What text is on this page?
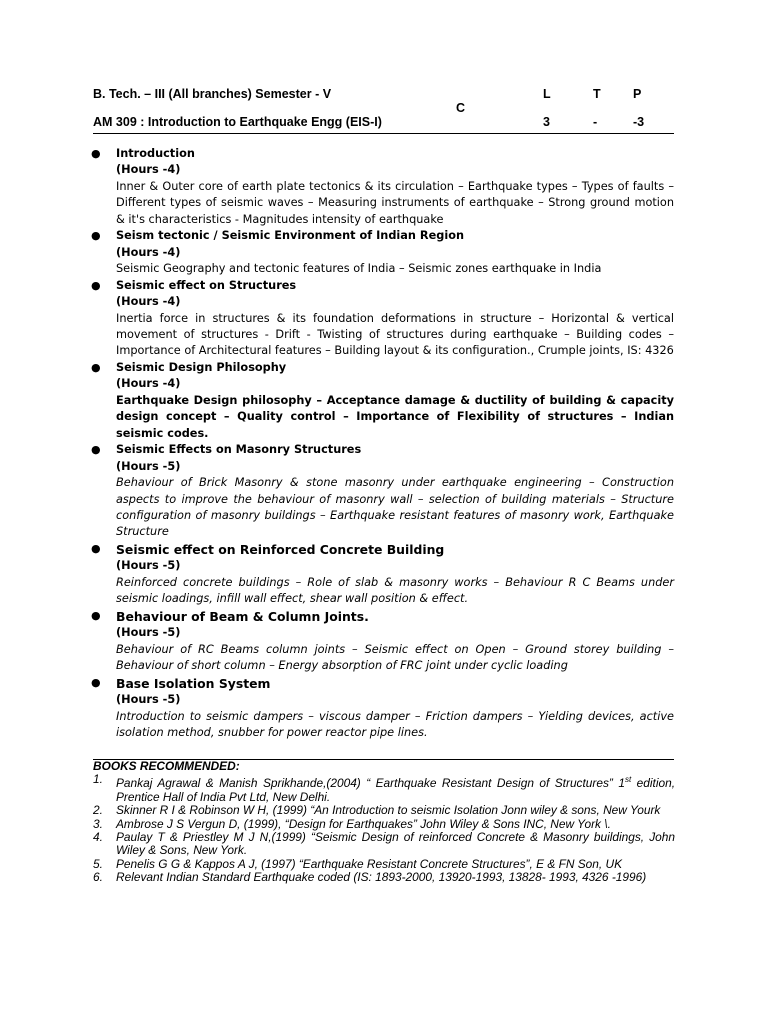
B. Tech. – III (All branches) Semester - V	L	T	P
C
AM 309 : Introduction to Earthquake Engg (EIS-I)	3	-	-3
● Introduction
(Hours -4)
Inner & Outer core of earth plate tectonics & its circulation – Earthquake types – Types of faults – Different types of seismic waves – Measuring instruments of earthquake – Strong ground motion & it's characteristics - Magnitudes intensity of earthquake
● Seism tectonic / Seismic Environment of Indian Region
(Hours -4)
Seismic Geography and tectonic features of India – Seismic zones earthquake in India
● Seismic effect on Structures
(Hours -4)
Inertia force in structures & its foundation deformations in structure – Horizontal & vertical movement of structures - Drift - Twisting of structures during earthquake – Building codes – Importance of Architectural features – Building layout & its configuration., Crumple joints, IS: 4326
● Seismic Design Philosophy
(Hours -4)
Earthquake Design philosophy – Acceptance damage & ductility of building & capacity design concept – Quality control – Importance of Flexibility of structures – Indian seismic codes.
● Seismic Effects on Masonry Structures
(Hours -5)
Behaviour of Brick Masonry & stone masonry under earthquake engineering – Construction aspects to improve the behaviour of masonry wall – selection of building materials – Structure configuration of masonry buildings – Earthquake resistant features of masonry work, Earthquake Structure
● Seismic effect on Reinforced Concrete Building
(Hours -5)
Reinforced concrete buildings – Role of slab & masonry works – Behaviour R C Beams under seismic loadings, infill wall effect, shear wall position & effect.
● Behaviour of Beam & Column Joints.
(Hours -5)
Behaviour of RC Beams column joints – Seismic effect on Open – Ground storey building – Behaviour of short column – Energy absorption of FRC joint under cyclic loading
● Base Isolation System
(Hours -5)
Introduction to seismic dampers – viscous damper – Friction dampers – Yielding devices, active isolation method, snubber for power reactor pipe lines.
BOOKS RECOMMENDED:
1. Pankaj Agrawal & Manish Sprikhande,(2004) “ Earthquake Resistant Design of Structures” 1st edition, Prentice Hall of India Pvt Ltd, New Delhi.
2. Skinner R I & Robinson W H, (1999) “An Introduction to seismic Isolation Jonn wiley & sons, New Yourk
3. Ambrose J S Vergun D, (1999), “Design for Earthquakes” John Wiley & Sons INC, New York \.
4. Paulay T & Priestley M J N,(1999) “Seismic Design of reinforced Concrete & Masonry buildings, John Wiley & Sons, New York.
5. Penelis G G & Kappos A J, (1997) “Earthquake Resistant Concrete Structures”, E & FN Son, UK
6. Relevant Indian Standard Earthquake coded (IS: 1893-2000, 13920-1993, 13828- 1993, 4326 -1996)
